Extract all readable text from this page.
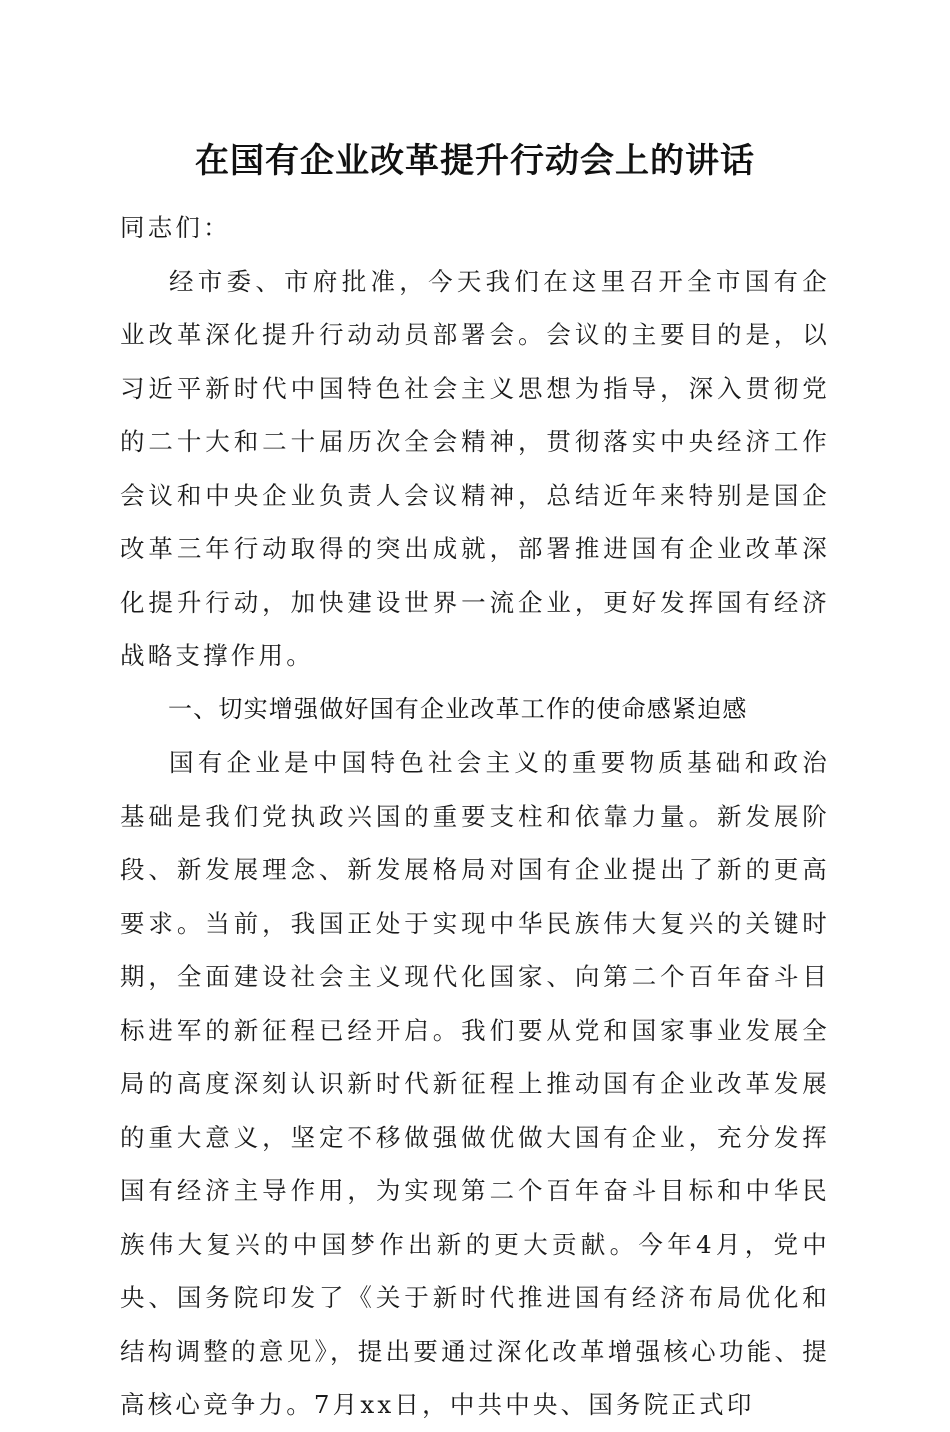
在国有企业改革提升行动会上的讲话

同志们：

经市委、市府批准，今天我们在这里召开全市国有企业改革深化提升行动动员部署会。会议的主要目的是，以习近平新时代中国特色社会主义思想为指导，深入贯彻党的二十大和二十届历次全会精神，贯彻落实中央经济工作会议和中央企业负责人会议精神，总结近年来特别是国企改革三年行动取得的突出成就，部署推进国有企业改革深化提升行动，加快建设世界一流企业，更好发挥国有经济战略支撑作用。

一、切实增强做好国有企业改革工作的使命感紧迫感

国有企业是中国特色社会主义的重要物质基础和政治基础是我们党执政兴国的重要支柱和依靠力量。新发展阶段、新发展理念、新发展格局对国有企业提出了新的更高要求。当前，我国正处于实现中华民族伟大复兴的关键时期，全面建设社会主义现代化国家、向第二个百年奋斗目标进军的新征程已经开启。我们要从党和国家事业发展全局的高度深刻认识新时代新征程上推动国有企业改革发展的重大意义，坚定不移做强做优做大国有企业，充分发挥国有经济主导作用，为实现第二个百年奋斗目标和中华民族伟大复兴的中国梦作出新的更大贡献。今年4月，党中央、国务院印发了《关于新时代推进国有经济布局优化和结构调整的意见》，提出要通过深化改革增强核心功能、提高核心竞争力。7月xx日，中共中央、国务院正式印
